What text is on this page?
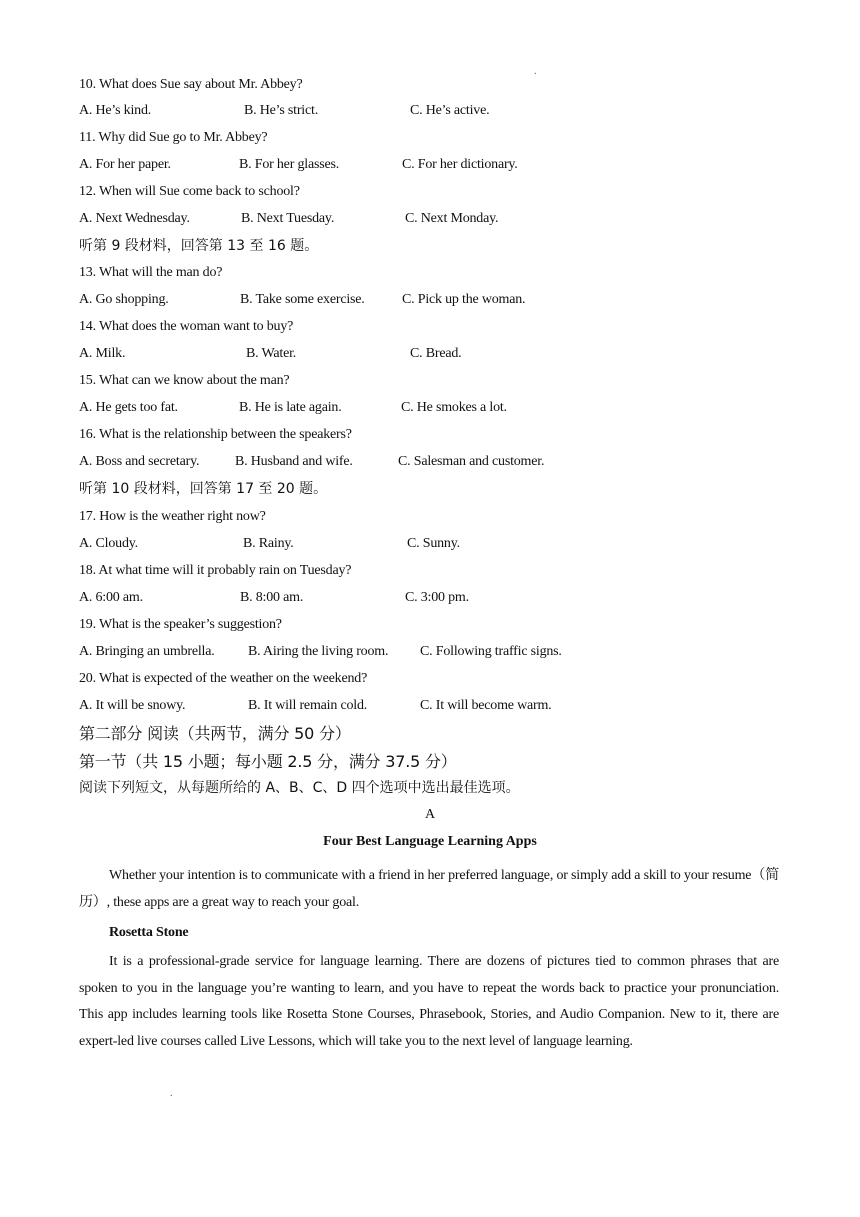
.
10. What does Sue say about Mr. Abbey?
A. He’s kind.	B. He’s strict.	C. He’s active.
11. Why did Sue go to Mr. Abbey?
A. For her paper.	B. For her glasses.	C. For her dictionary.
12. When will Sue come back to school?
A. Next Wednesday.	B. Next Tuesday.	C. Next Monday.
听第 9 段材料，回答第 13 至 16 题。
13. What will the man do?
A. Go shopping.	B. Take some exercise.	C. Pick up the woman.
14. What does the woman want to buy?
A. Milk.	B. Water.	C. Bread.
15. What can we know about the man?
A. He gets too fat.	B. He is late again.	C. He smokes a lot.
16. What is the relationship between the speakers?
A. Boss and secretary.	B. Husband and wife.	C. Salesman and customer.
听第 10 段材料，回答第 17 至 20 题。
17. How is the weather right now?
A. Cloudy.	B. Rainy.	C. Sunny.
18. At what time will it probably rain on Tuesday?
A. 6:00 am.	B. 8:00 am.	C. 3:00 pm.
19. What is the speaker’s suggestion?
A. Bringing an umbrella. B. Airing the living room. C. Following traffic signs.
20. What is expected of the weather on the weekend?
A. It will be snowy.	B. It will remain cold.	C. It will become warm.
第二部分 阅读（共两节，满分 50 分）
第一节（共 15 小题；每小题 2.5 分，满分 37.5 分）
阅读下列短文，从每题所给的 A、B、C、D 四个选项中选出最佳选项。
A
Four Best Language Learning Apps
Whether your intention is to communicate with a friend in her preferred language, or simply add a skill to your resume（简历）, these apps are a great way to reach your goal.
Rosetta Stone
It is a professional-grade service for language learning. There are dozens of pictures tied to common phrases that are spoken to you in the language you’re wanting to learn, and you have to repeat the words back to practice your pronunciation. This app includes learning tools like Rosetta Stone Courses, Phrasebook, Stories, and Audio Companion. New to it, there are expert-led live courses called Live Lessons, which will take you to the next level of language learning.
.
